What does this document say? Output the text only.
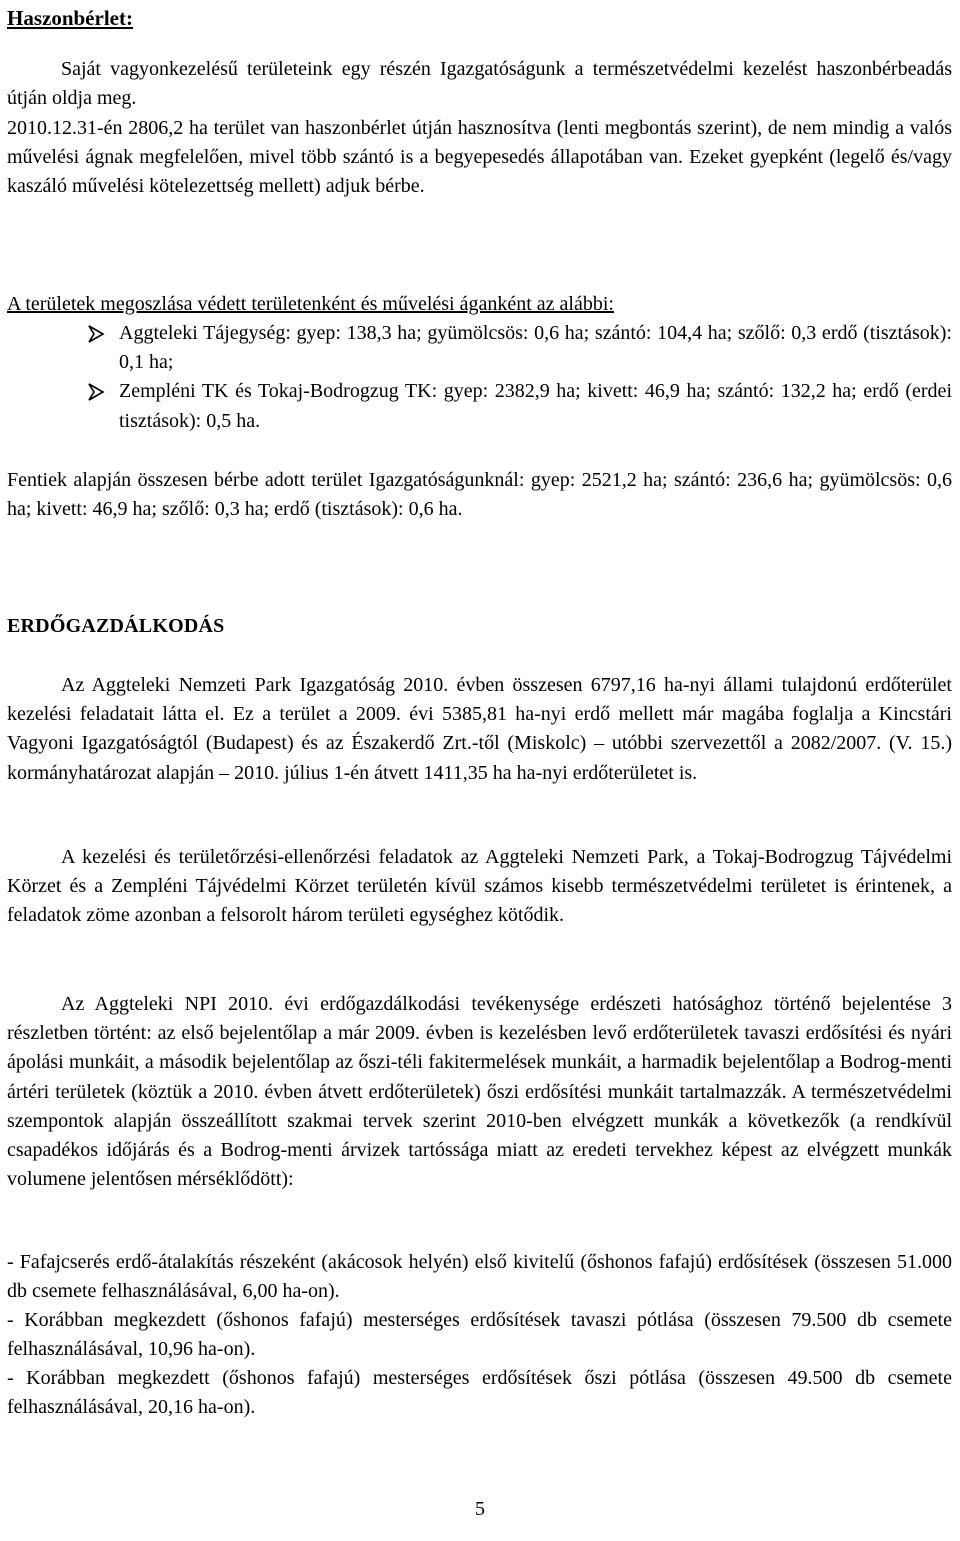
Haszonbérlet:

Saját vagyonkezelésű területeink egy részén Igazgatóságunk a természetvédelmi kezelést haszonbérbeadás útján oldja meg.

2010.12.31-én 2806,2 ha terület van haszonbérlet útján hasznosítva (lenti megbontás szerint), de nem mindig a valós művelési ágnak megfelelően, mivel több szántó is a begyepesedés állapotában van. Ezeket gyepként (legelő és/vagy kaszáló művelési kötelezettség mellett) adjuk bérbe.

A területek megoszlása védett területenként és művelési áganként az alábbi:

Aggteleki Tájegység: gyep: 138,3 ha; gyümölcsös: 0,6 ha; szántó: 104,4 ha; szőlő: 0,3 erdő (tisztások): 0,1 ha;
Zempléni TK és Tokaj-Bodrogzug TK: gyep: 2382,9 ha; kivett: 46,9 ha; szántó: 132,2 ha; erdő (erdei tisztások): 0,5 ha.

Fentiek alapján összesen bérbe adott terület Igazgatóságunknál: gyep: 2521,2 ha; szántó: 236,6 ha; gyümölcsös: 0,6 ha; kivett: 46,9 ha; szőlő: 0,3 ha; erdő (tisztások): 0,6 ha.

ERDŐGAZDÁLKODÁS

Az Aggteleki Nemzeti Park Igazgatóság 2010. évben összesen 6797,16 ha-nyi állami tulajdonú erdőterület kezelési feladatait látta el. Ez a terület a 2009. évi 5385,81 ha-nyi erdő mellett már magába foglalja a Kincstári Vagyoni Igazgatóságtól (Budapest) és az Északerdő Zrt.-től (Miskolc) – utóbbi szervezettől a 2082/2007. (V. 15.) kormányhatározat alapján – 2010. július 1-én átvett 1411,35 ha ha-nyi erdőterületet is.

A kezelési és területőrzési-ellenőrzési feladatok az Aggteleki Nemzeti Park, a Tokaj-Bodrogzug Tájvédelmi Körzet és a Zempléni Tájvédelmi Körzet területén kívül számos kisebb természetvédelmi területet is érintenek, a feladatok zöme azonban a felsorolt három területi egységhez kötődik.

Az Aggteleki NPI 2010. évi erdőgazdálkodási tevékenysége erdészeti hatósághoz történő bejelentése 3 részletben történt: az első bejelentőlap a már 2009. évben is kezelésben levő erdőterületek tavaszi erdősítési és nyári ápolási munkáit, a második bejelentőlap az őszi-téli fakitermelések munkáit, a harmadik bejelentőlap a Bodrog-menti ártéri területek (köztük a 2010. évben átvett erdőterületek) őszi erdősítési munkáit tartalmazzák. A természetvédelmi szempontok alapján összeállított szakmai tervek szerint 2010-ben elvégzett munkák a következők (a rendkívül csapadékos időjárás és a Bodrog-menti árvizek tartóssága miatt az eredeti tervekhez képest az elvégzett munkák volumene jelentősen mérséklődött):

- Fafajcserés erdő-átalakítás részeként (akácosok helyén) első kivitelű (őshonos fafajú) erdősítések (összesen 51.000 db csemete felhasználásával, 6,00 ha-on).

- Korábban megkezdett (őshonos fafajú) mesterséges erdősítések tavaszi pótlása (összesen 79.500 db csemete felhasználásával, 10,96 ha-on).

- Korábban megkezdett (őshonos fafajú) mesterséges erdősítések őszi pótlása (összesen 49.500 db csemete felhasználásával, 20,16 ha-on).

5
